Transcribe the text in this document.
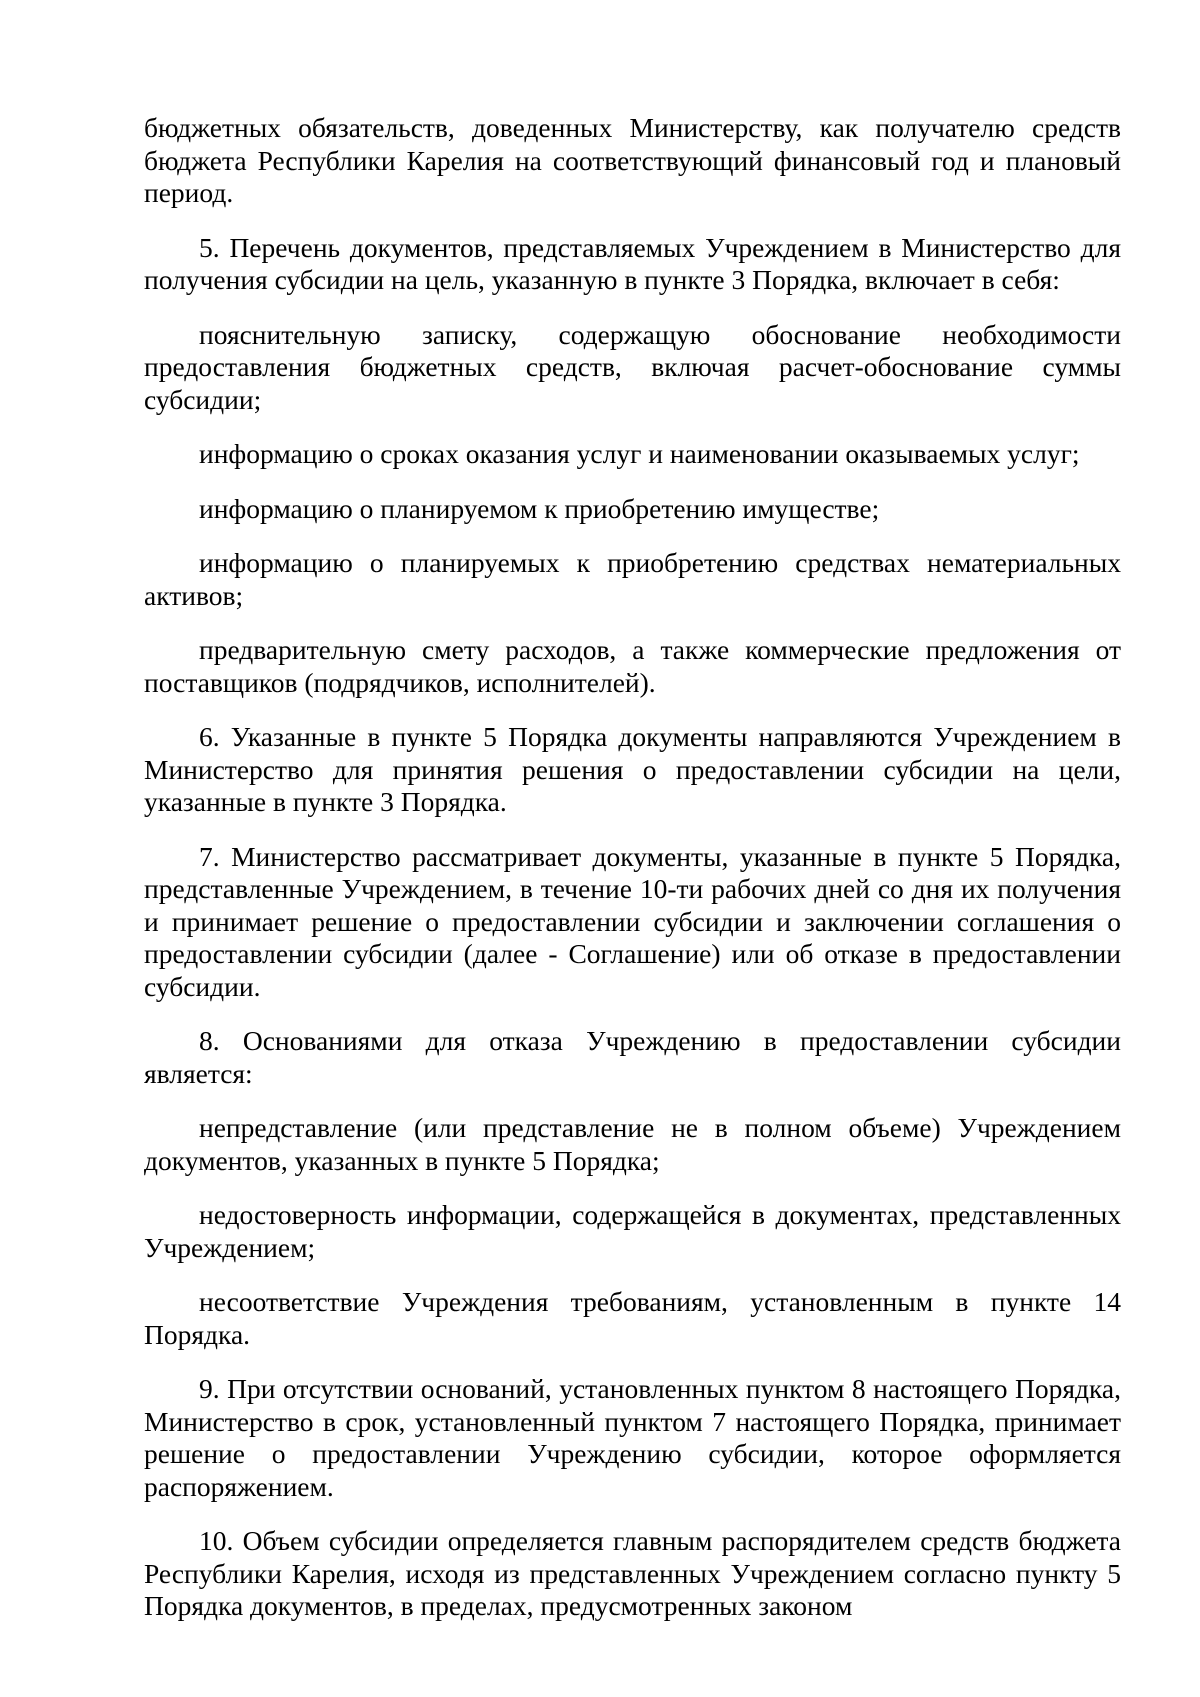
бюджетных обязательств, доведенных Министерству, как получателю средств бюджета Республики Карелия на соответствующий финансовый год и плановый период.

5. Перечень документов, представляемых Учреждением в Министерство для получения субсидии на цель, указанную в пункте 3 Порядка, включает в себя:

пояснительную записку, содержащую обоснование необходимости предоставления бюджетных средств, включая расчет-обоснование суммы субсидии;

информацию о сроках оказания услуг и наименовании оказываемых услуг;

информацию о планируемом к приобретению имуществе;

информацию о планируемых к приобретению средствах нематериальных активов;

предварительную смету расходов, а также коммерческие предложения от поставщиков (подрядчиков, исполнителей).

6. Указанные в пункте 5 Порядка документы направляются Учреждением в Министерство для принятия решения о предоставлении субсидии на цели, указанные в пункте 3 Порядка.

7. Министерство рассматривает документы, указанные в пункте 5 Порядка, представленные Учреждением, в течение 10-ти рабочих дней со дня их получения и принимает решение о предоставлении субсидии и заключении соглашения о предоставлении субсидии (далее - Соглашение) или об отказе в предоставлении субсидии.

8. Основаниями для отказа Учреждению в предоставлении субсидии является:

непредставление (или представление не в полном объеме) Учреждением документов, указанных в пункте 5 Порядка;

недостоверность информации, содержащейся в документах, представленных Учреждением;

несоответствие Учреждения требованиям, установленным в пункте 14 Порядка.

9. При отсутствии оснований, установленных пунктом 8 настоящего Порядка, Министерство в срок, установленный пунктом 7 настоящего Порядка, принимает решение о предоставлении Учреждению субсидии, которое оформляется распоряжением.

10. Объем субсидии определяется главным распорядителем средств бюджета Республики Карелия, исходя из представленных Учреждением согласно пункту 5 Порядка документов, в пределах, предусмотренных законом
